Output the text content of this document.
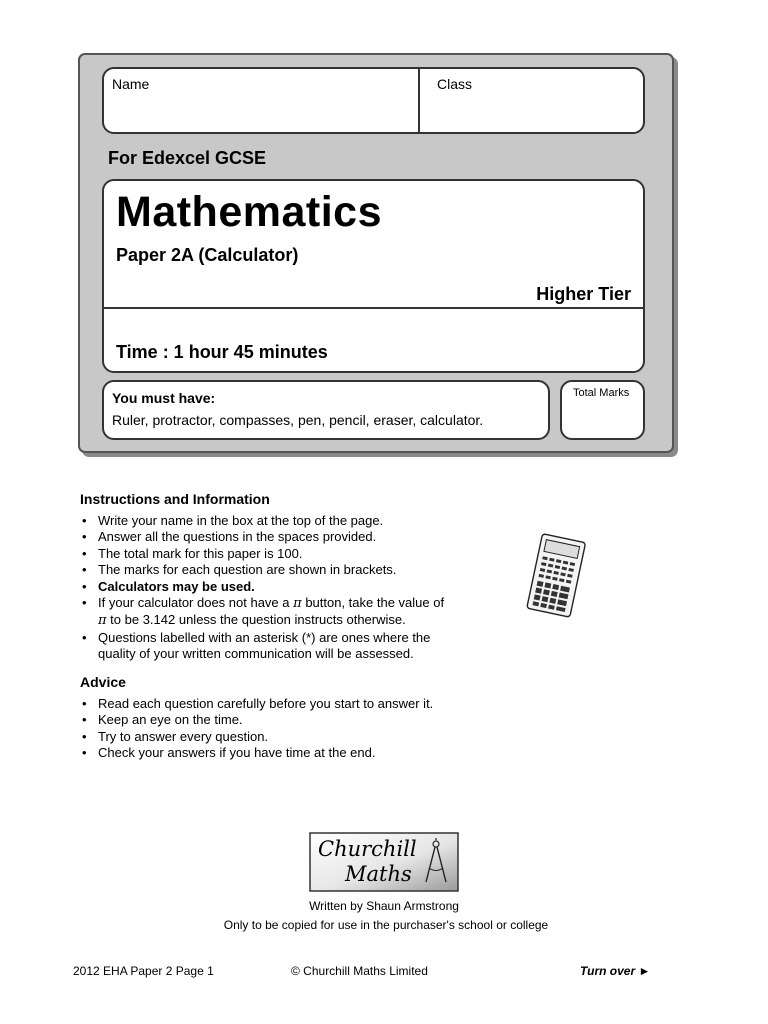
Name	Class
For Edexcel GCSE
Mathematics
Paper 2A (Calculator)
Higher Tier
Time : 1 hour 45 minutes
You must have:
Ruler, protractor, compasses, pen, pencil, eraser, calculator.
Total Marks
Instructions and Information
• Write your name in the box at the top of the page.
• Answer all the questions in the spaces provided.
• The total mark for this paper is 100.
• The marks for each question are shown in brackets.
• Calculators may be used.
• If your calculator does not have a π button, take the value of
π to be 3.142 unless the question instructs otherwise.
• Questions labelled with an asterisk (*) are ones where the
quality of your written communication will be assessed.
Advice
• Read each question carefully before you start to answer it.
• Keep an eye on the time.
• Try to answer every question.
• Check your answers if you have time at the end.
Churchill
Maths
Written by Shaun Armstrong
Only to be copied for use in the purchaser's school or college
2012 EHA Paper 2 Page 1	© Churchill Maths Limited	Turn over ►
